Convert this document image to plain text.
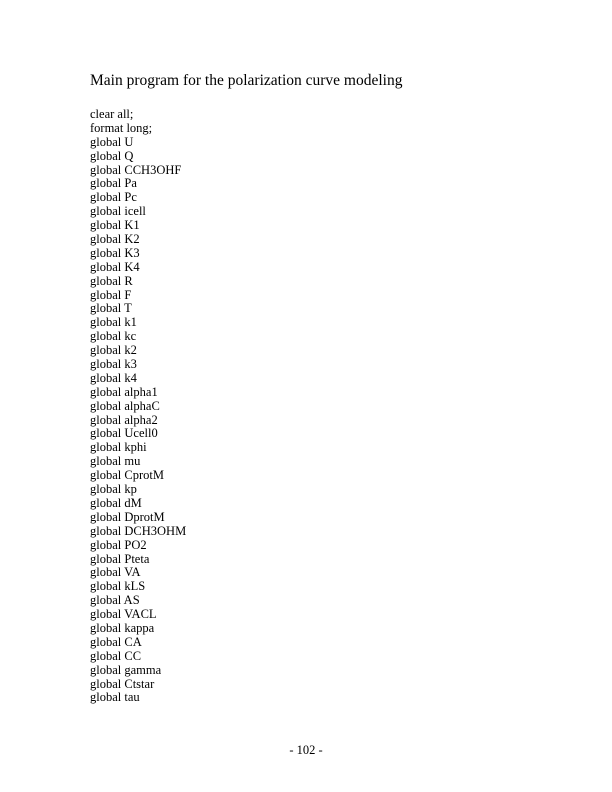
Main program for the polarization curve modeling
clear all;
format long;
global U
global Q
global CCH3OHF
global Pa
global Pc
global icell
global K1
global K2
global K3
global K4
global R
global F
global T
global k1
global kc
global k2
global k3
global k4
global alpha1
global alphaC
global alpha2
global Ucell0
global kphi
global mu
global CprotM
global kp
global dM
global DprotM
global DCH3OHM
global PO2
global Pteta
global VA
global kLS
global AS
global VACL
global kappa
global CA
global CC
global gamma
global Ctstar
global tau
- 102 -
